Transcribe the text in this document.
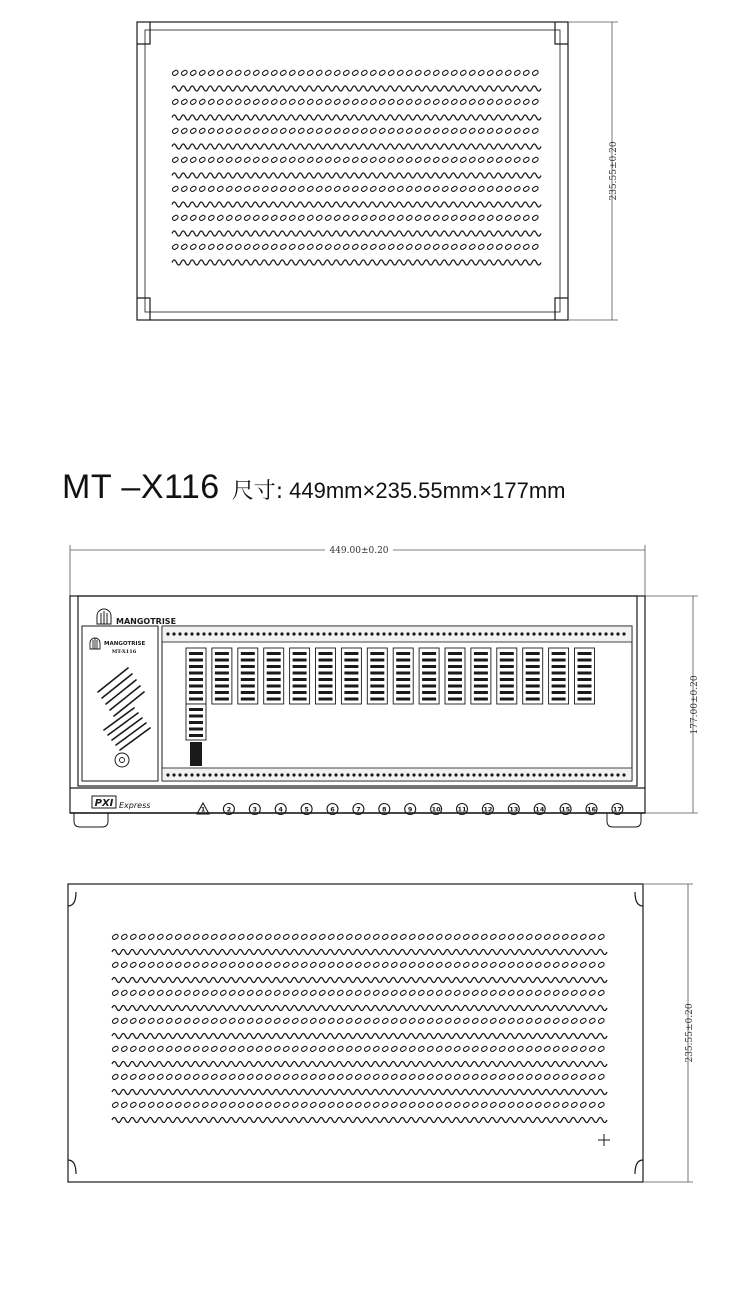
235.55±0.20
MT –X116 尺寸: 449mm×235.55mm×177mm
449.00±0.20
177.00±0.20
MANGOTRISE
MANGOTRISE
MT-X116
PXI Express	1	2	3	4	5	6	7	8	9	10	11	12	13	14	15	16	17
235.55±0.20
